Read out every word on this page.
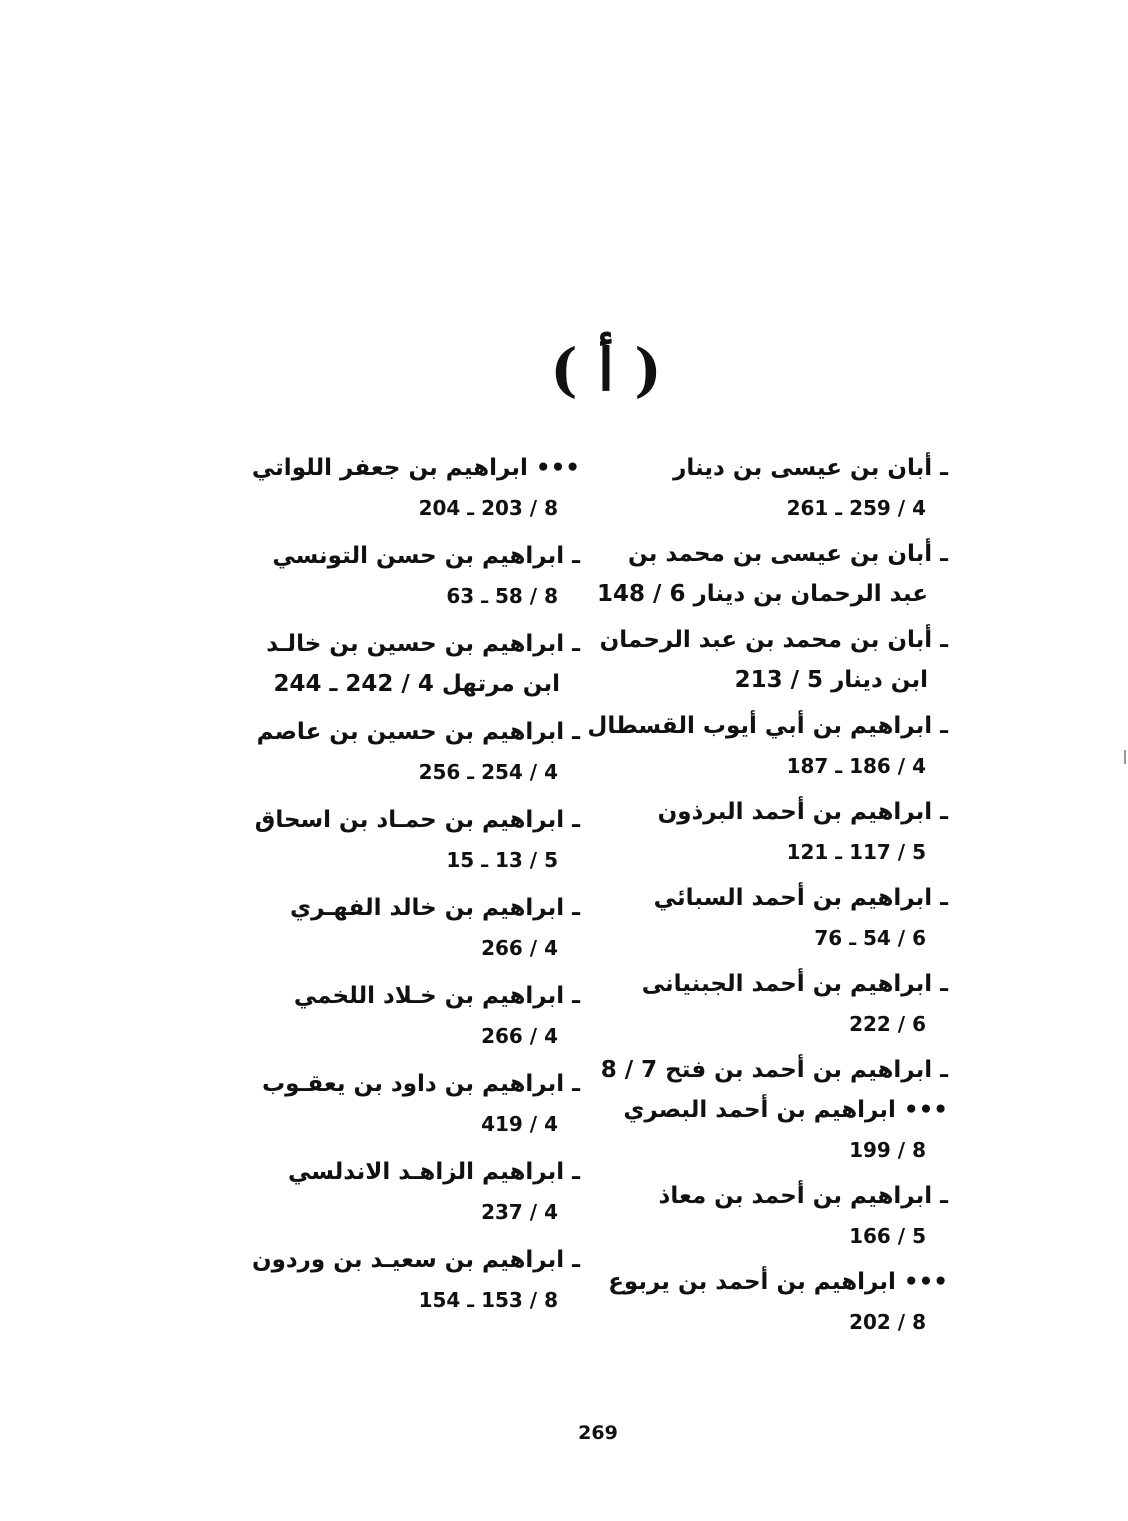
( أ )
ـ أبان بن عيسى بن دينار
4 / 259 ـ 261
ـ أبان بن عيسى بن محمد بن
عبد الرحمان بن دينار 6 / 148
ـ أبان بن محمد بن عبد الرحمان
ابن دينار 5 / 213
ـ ابراهيم بن أبي أيوب القسطال
4 / 186 ـ 187
ـ ابراهيم بن أحمد البرذون
5 / 117 ـ 121
ـ ابراهيم بن أحمد السبائي
6 / 54 ـ 76
ـ ابراهيم بن أحمد الجبنيانى
6 / 222
ـ ابراهيم بن أحمد بن فتح 7 / 8
••• ابراهيم بن أحمد البصري
8 / 199
ـ ابراهيم بن أحمد بن معاذ
5 / 166
••• ابراهيم بن أحمد بن يربوع
8 / 202
••• ابراهيم بن جعفر اللواتي
8 / 203 ـ 204
ـ ابراهيم بن حسن التونسي
8 / 58 ـ 63
ـ ابراهيم بن حسين بن خالـد
ابن مرتهل 4 / 242 ـ 244
ـ ابراهيم بن حسين بن عاصم
4 / 254 ـ 256
ـ ابراهيم بن حمـاد بن اسحاق
5 / 13 ـ 15
ـ ابراهيم بن خالد الفهـري
4 / 266
ـ ابراهيم بن خـلاد اللخمي
4 / 266
ـ ابراهيم بن داود بن يعقـوب
4 / 419
ـ ابراهيم الزاهـد الاندلسي
4 / 237
ـ ابراهيم بن سعيـد بن وردون
8 / 153 ـ 154
269
